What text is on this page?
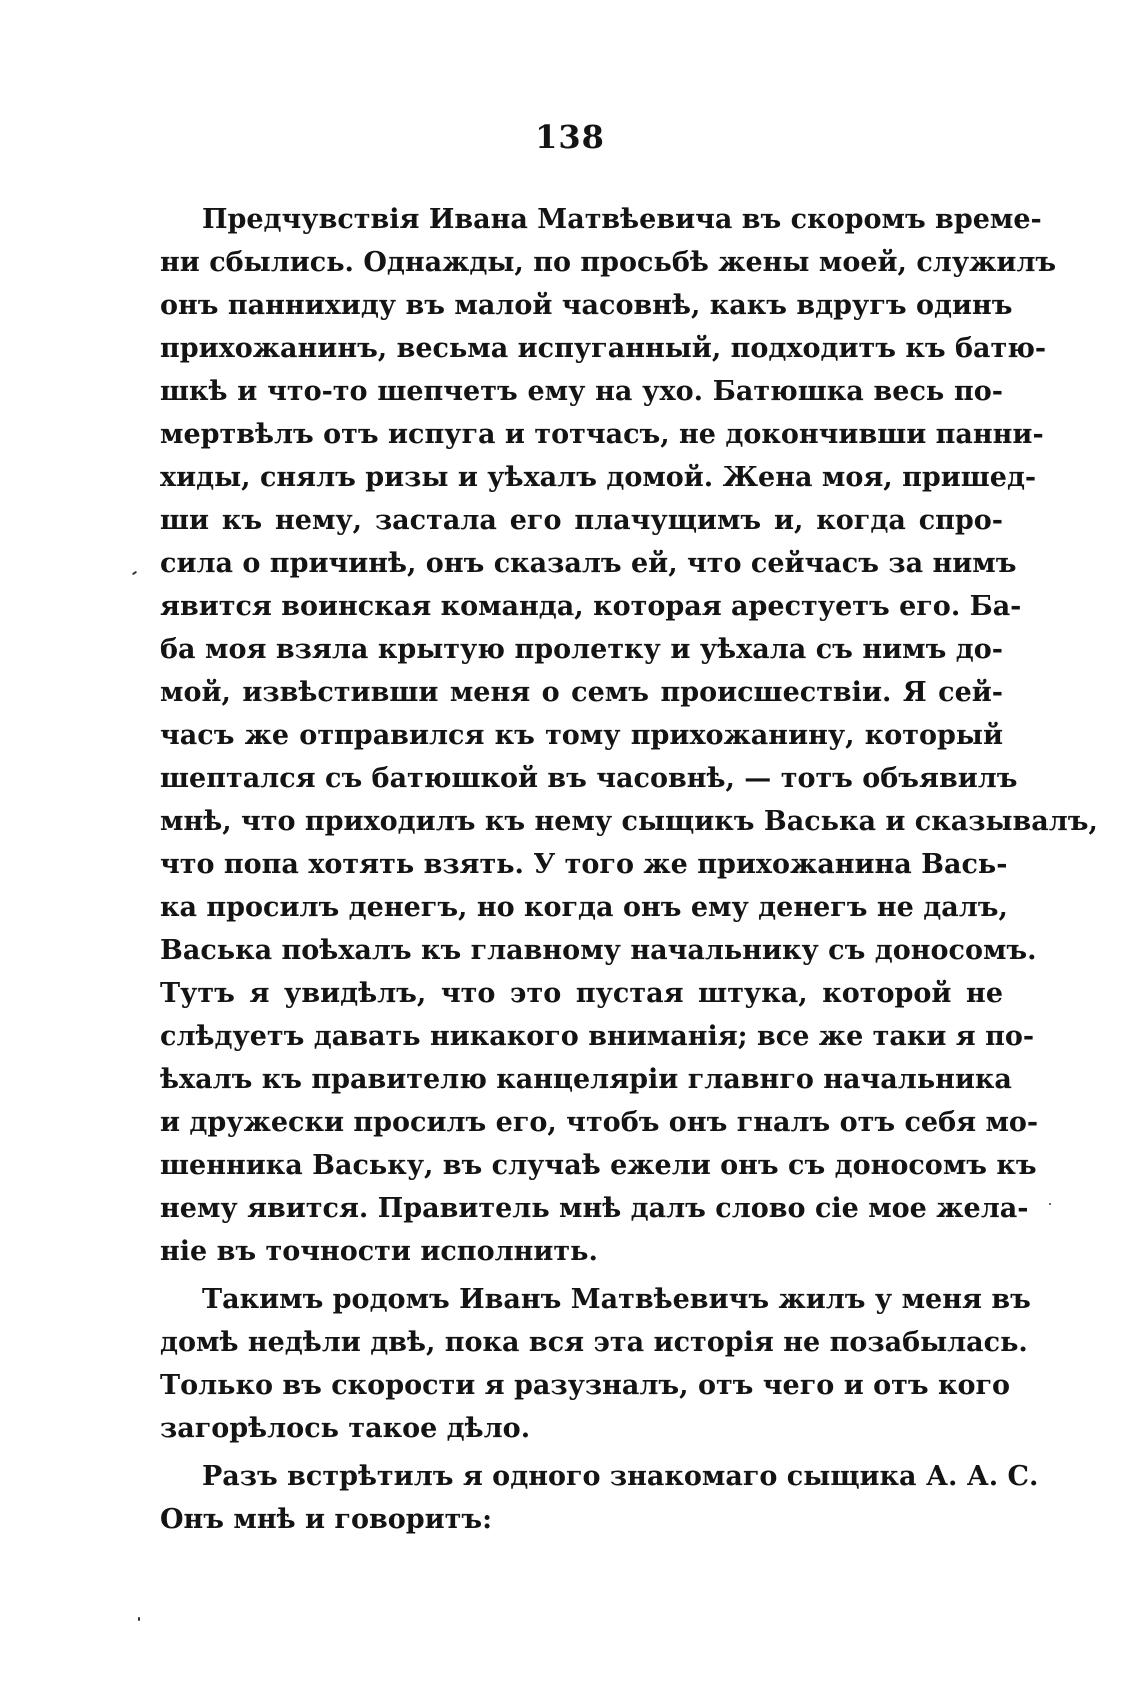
138
Предчувствія Ивана Матвѣевича въ скоромъ време-
ни сбылись. Однажды, по просьбѣ жены моей, служилъ
онъ паннихиду въ малой часовнѣ, какъ вдругъ одинъ
прихожанинъ, весьма испуганный, подходитъ къ батю-
шкѣ и что-то шепчетъ ему на ухо. Батюшка весь по-
мертвѣлъ отъ испуга и тотчасъ, не докончивши панни-
хиды, снялъ ризы и уѣхалъ домой. Жена моя, пришед-
ши къ нему, застала его плачущимъ и, когда спро-
сила о причинѣ, онъ сказалъ ей, что сейчасъ за нимъ
явится воинская команда, которая арестуетъ его. Ба-
ба моя взяла крытую пролетку и уѣхала съ нимъ до-
мой, извѣстивши меня о семъ происшествіи. Я сей-
часъ же отправился къ тому прихожанину, который
шептался съ батюшкой въ часовнѣ, — тотъ объявилъ
мнѣ, что приходилъ къ нему сыщикъ Васька и сказывалъ,
что попа хотять взять. У того же прихожанина Вась-
ка просилъ денегъ, но когда онъ ему денегъ не далъ,
Васька поѣхалъ къ главному начальнику съ доносомъ.
Тутъ я увидѣлъ, что это пустая штука, которой не
слѣдуетъ давать никакого вниманія; все же таки я по-
ѣхалъ къ правителю канцеляріи главнго начальника
и дружески просилъ его, чтобъ онъ гналъ отъ себя мо-
шенника Ваську, въ случаѣ ежели онъ съ доносомъ къ
нему явится. Правитель мнѣ далъ слово сіе мое жела-
ніе въ точности исполнить.
Такимъ родомъ Иванъ Матвѣевичъ жилъ у меня въ
домѣ недѣли двѣ, пока вся эта исторія не позабылась.
Только въ скорости я разузналъ, отъ чего и отъ кого
загорѣлось такое дѣло.
Разъ встрѣтилъ я одного знакомаго сыщика А. А. С.
Онъ мнѣ и говоритъ:
